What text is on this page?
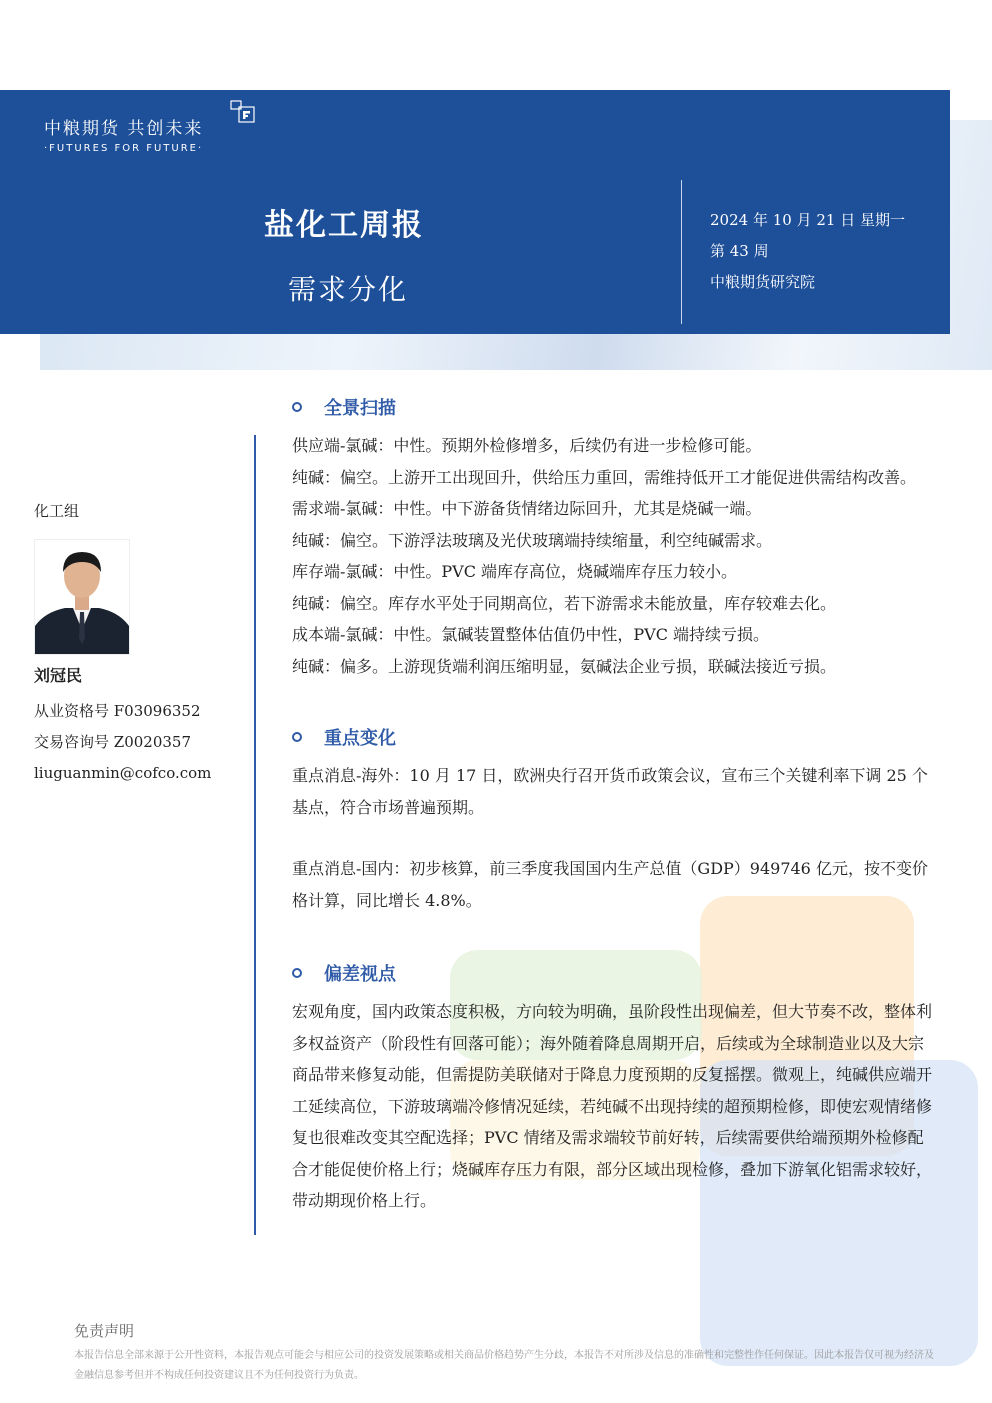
中粮期货 共创未来
·FUTURES FOR FUTURE·
盐化工周报
需求分化
2024 年 10 月 21 日 星期一
第 43 周
中粮期货研究院
化工组
刘冠民
从业资格号 F03096352
交易咨询号 Z0020357
liuguanmin@cofco.com
全景扫描

供应端-氯碱：中性。预期外检修增多，后续仍有进一步检修可能。

纯碱：偏空。上游开工出现回升，供给压力重回，需维持低开工才能促进供需结构改善。

需求端-氯碱：中性。中下游备货情绪边际回升，尤其是烧碱一端。

纯碱：偏空。下游浮法玻璃及光伏玻璃端持续缩量，利空纯碱需求。

库存端-氯碱：中性。PVC 端库存高位，烧碱端库存压力较小。

纯碱：偏空。库存水平处于同期高位，若下游需求未能放量，库存较难去化。

成本端-氯碱：中性。氯碱装置整体估值仍中性，PVC 端持续亏损。

纯碱：偏多。上游现货端利润压缩明显，氨碱法企业亏损，联碱法接近亏损。

重点变化

重点消息-海外：10 月 17 日，欧洲央行召开货币政策会议，宣布三个关键利率下调 25 个基点，符合市场普遍预期。

重点消息-国内：初步核算，前三季度我国国内生产总值（GDP）949746 亿元，按不变价格计算，同比增长 4.8%。

偏差视点

宏观角度，国内政策态度积极，方向较为明确，虽阶段性出现偏差，但大节奏不改，整体利多权益资产（阶段性有回落可能）；海外随着降息周期开启，后续或为全球制造业以及大宗商品带来修复动能，但需提防美联储对于降息力度预期的反复摇摆。微观上，纯碱供应端开工延续高位，下游玻璃端冷修情况延续，若纯碱不出现持续的超预期检修，即使宏观情绪修复也很难改变其空配选择；PVC 情绪及需求端较节前好转，后续需要供给端预期外检修配合才能促使价格上行；烧碱库存压力有限，部分区域出现检修，叠加下游氧化铝需求较好，带动期现价格上行。

免责声明
本报告信息全部来源于公开性资料，本报告观点可能会与相应公司的投资发展策略或相关商品价格趋势产生分歧，本报告不对所涉及信息的准确性和完整性作任何保证。因此本报告仅可视为经济及金融信息参考但并不构成任何投资建议且不为任何投资行为负责。
